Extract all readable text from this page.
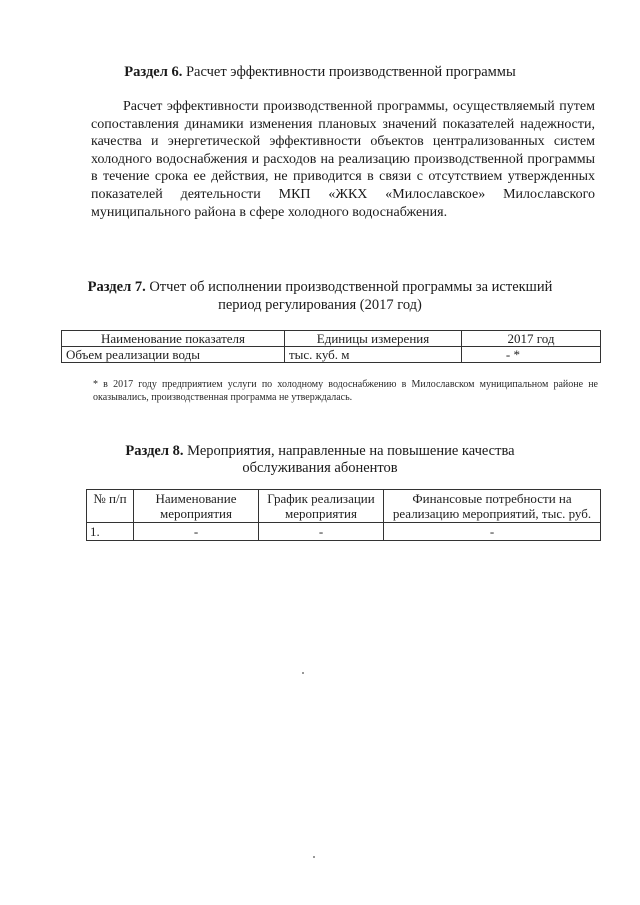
Раздел 6. Расчет эффективности производственной программы
Расчет эффективности производственной программы, осуществляемый путем сопоставления динамики изменения плановых значений показателей надежности, качества и энергетической эффективности объектов централизованных систем холодного водоснабжения и расходов на реализацию производственной программы в течение срока ее действия, не приводится в связи с отсутствием утвержденных показателей деятельности МКП «ЖКХ «Милославское» Милославского муниципального района в сфере холодного водоснабжения.
Раздел 7. Отчет об исполнении производственной программы за истекший
период регулирования (2017 год)
Наименование показателя	Единицы измерения	2017 год
Объем реализации воды	тыс. куб. м	- *
* в 2017 году предприятием услуги по холодному водоснабжению в Милославском муниципальном районе не оказывались, производственная программа не утверждалась.
Раздел 8. Мероприятия, направленные на повышение качества
обслуживания абонентов
№ п/п	Наименование мероприятия	График реализации мероприятия	Финансовые потребности на реализацию мероприятий, тыс. руб.
1.	-	-	-
